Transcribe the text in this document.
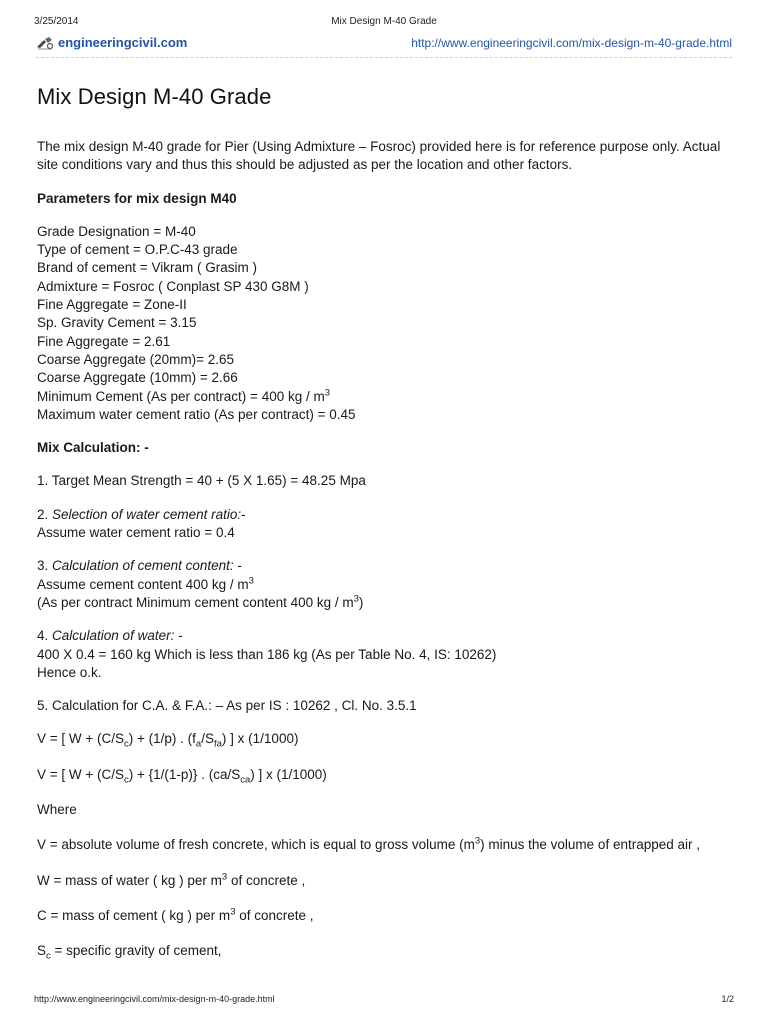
3/25/2014	Mix Design M-40 Grade
engineeringcivil.com	http://www.engineeringcivil.com/mix-design-m-40-grade.html
Mix Design M-40 Grade

The mix design M-40 grade for Pier (Using Admixture – Fosroc) provided here is for reference purpose only. Actual site conditions vary and thus this should be adjusted as per the location and other factors.

Parameters for mix design M40

Grade Designation = M-40
Type of cement = O.P.C-43 grade
Brand of cement = Vikram ( Grasim )
Admixture = Fosroc ( Conplast SP 430 G8M )
Fine Aggregate = Zone-II
Sp. Gravity Cement = 3.15
Fine Aggregate = 2.61
Coarse Aggregate (20mm)= 2.65
Coarse Aggregate (10mm) = 2.66
Minimum Cement (As per contract) = 400 kg / $m^3$
Maximum water cement ratio (As per contract) = 0.45

Mix Calculation: -

1. Target Mean Strength = 40 + (5 X 1.65) = 48.25 Mpa

2. Selection of water cement ratio:-
Assume water cement ratio = 0.4

3. Calculation of cement content: -
Assume cement content 400 kg / $m^3$
(As per contract Minimum cement content 400 kg / $m^3$)

4. Calculation of water: -
400 X 0.4 = 160 kg Which is less than 186 kg (As per Table No. 4, IS: 10262)
Hence o.k.

5. Calculation for C.A. & F.A.: – As per IS : 10262 , Cl. No. 3.5.1

V = [ $W + (C/S_c) + (1/p)$ . $(f_a/S_{fa})$ ] x (1/1000)

V = [ $W + (C/S_c) + \{1/(1-p)\}$ . $(ca/S_{ca})$ ] x (1/1000)

Where

V = absolute volume of fresh concrete, which is equal to gross volume $(m^3)$ minus the volume of entrapped air ,

W = mass of water ( kg ) per $m^3$ of concrete ,

C = mass of cement ( kg ) per $m^3$ of concrete ,

$S_c$ = specific gravity of cement,

http://www.engineeringcivil.com/mix-design-m-40-grade.html	1/2
